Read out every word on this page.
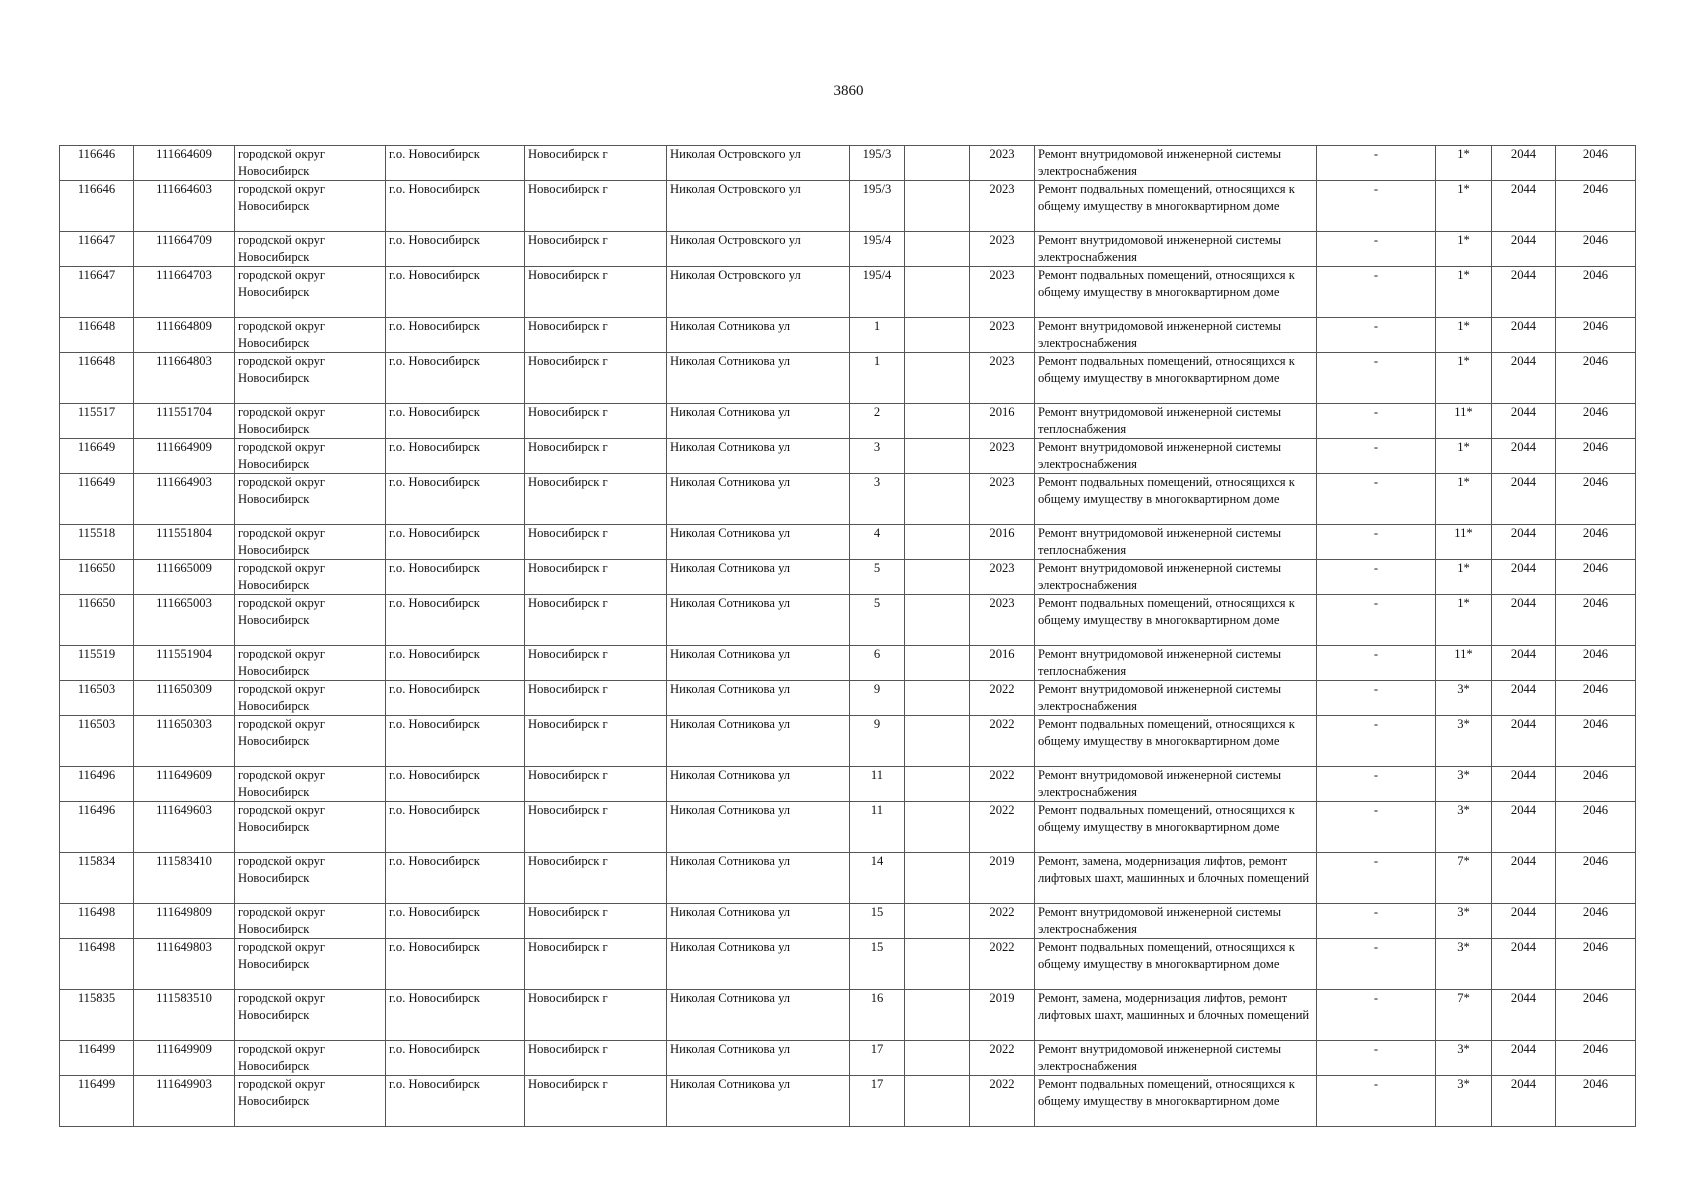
3860
116646	111664609	городской округ Новосибирск	г.о. Новосибирск	Новосибирск г	Николая Островского ул	195/3		2023	Ремонт внутридомовой инженерной системы электроснабжения	-	1*	2044	2046
116646	111664603	городской округ Новосибирск	г.о. Новосибирск	Новосибирск г	Николая Островского ул	195/3		2023	Ремонт подвальных помещений, относящихся к общему имуществу в многоквартирном доме	-	1*	2044	2046
116647	111664709	городской округ Новосибирск	г.о. Новосибирск	Новосибирск г	Николая Островского ул	195/4		2023	Ремонт внутридомовой инженерной системы электроснабжения	-	1*	2044	2046
116647	111664703	городской округ Новосибирск	г.о. Новосибирск	Новосибирск г	Николая Островского ул	195/4		2023	Ремонт подвальных помещений, относящихся к общему имуществу в многоквартирном доме	-	1*	2044	2046
116648	111664809	городской округ Новосибирск	г.о. Новосибирск	Новосибирск г	Николая Сотникова ул	1		2023	Ремонт внутридомовой инженерной системы электроснабжения	-	1*	2044	2046
116648	111664803	городской округ Новосибирск	г.о. Новосибирск	Новосибирск г	Николая Сотникова ул	1		2023	Ремонт подвальных помещений, относящихся к общему имуществу в многоквартирном доме	-	1*	2044	2046
115517	111551704	городской округ Новосибирск	г.о. Новосибирск	Новосибирск г	Николая Сотникова ул	2		2016	Ремонт внутридомовой инженерной системы теплоснабжения	-	11*	2044	2046
116649	111664909	городской округ Новосибирск	г.о. Новосибирск	Новосибирск г	Николая Сотникова ул	3		2023	Ремонт внутридомовой инженерной системы электроснабжения	-	1*	2044	2046
116649	111664903	городской округ Новосибирск	г.о. Новосибирск	Новосибирск г	Николая Сотникова ул	3		2023	Ремонт подвальных помещений, относящихся к общему имуществу в многоквартирном доме	-	1*	2044	2046
115518	111551804	городской округ Новосибирск	г.о. Новосибирск	Новосибирск г	Николая Сотникова ул	4		2016	Ремонт внутридомовой инженерной системы теплоснабжения	-	11*	2044	2046
116650	111665009	городской округ Новосибирск	г.о. Новосибирск	Новосибирск г	Николая Сотникова ул	5		2023	Ремонт внутридомовой инженерной системы электроснабжения	-	1*	2044	2046
116650	111665003	городской округ Новосибирск	г.о. Новосибирск	Новосибирск г	Николая Сотникова ул	5		2023	Ремонт подвальных помещений, относящихся к общему имуществу в многоквартирном доме	-	1*	2044	2046
115519	111551904	городской округ Новосибирск	г.о. Новосибирск	Новосибирск г	Николая Сотникова ул	6		2016	Ремонт внутридомовой инженерной системы теплоснабжения	-	11*	2044	2046
116503	111650309	городской округ Новосибирск	г.о. Новосибирск	Новосибирск г	Николая Сотникова ул	9		2022	Ремонт внутридомовой инженерной системы электроснабжения	-	3*	2044	2046
116503	111650303	городской округ Новосибирск	г.о. Новосибирск	Новосибирск г	Николая Сотникова ул	9		2022	Ремонт подвальных помещений, относящихся к общему имуществу в многоквартирном доме	-	3*	2044	2046
116496	111649609	городской округ Новосибирск	г.о. Новосибирск	Новосибирск г	Николая Сотникова ул	11		2022	Ремонт внутридомовой инженерной системы электроснабжения	-	3*	2044	2046
116496	111649603	городской округ Новосибирск	г.о. Новосибирск	Новосибирск г	Николая Сотникова ул	11		2022	Ремонт подвальных помещений, относящихся к общему имуществу в многоквартирном доме	-	3*	2044	2046
115834	111583410	городской округ Новосибирск	г.о. Новосибирск	Новосибирск г	Николая Сотникова ул	14		2019	Ремонт, замена, модернизация лифтов, ремонт лифтовых шахт, машинных и блочных помещений	-	7*	2044	2046
116498	111649809	городской округ Новосибирск	г.о. Новосибирск	Новосибирск г	Николая Сотникова ул	15		2022	Ремонт внутридомовой инженерной системы электроснабжения	-	3*	2044	2046
116498	111649803	городской округ Новосибирск	г.о. Новосибирск	Новосибирск г	Николая Сотникова ул	15		2022	Ремонт подвальных помещений, относящихся к общему имуществу в многоквартирном доме	-	3*	2044	2046
115835	111583510	городской округ Новосибирск	г.о. Новосибирск	Новосибирск г	Николая Сотникова ул	16		2019	Ремонт, замена, модернизация лифтов, ремонт лифтовых шахт, машинных и блочных помещений	-	7*	2044	2046
116499	111649909	городской округ Новосибирск	г.о. Новосибирск	Новосибирск г	Николая Сотникова ул	17		2022	Ремонт внутридомовой инженерной системы электроснабжения	-	3*	2044	2046
116499	111649903	городской округ Новосибирск	г.о. Новосибирск	Новосибирск г	Николая Сотникова ул	17		2022	Ремонт подвальных помещений, относящихся к общему имуществу в многоквартирном доме	-	3*	2044	2046
